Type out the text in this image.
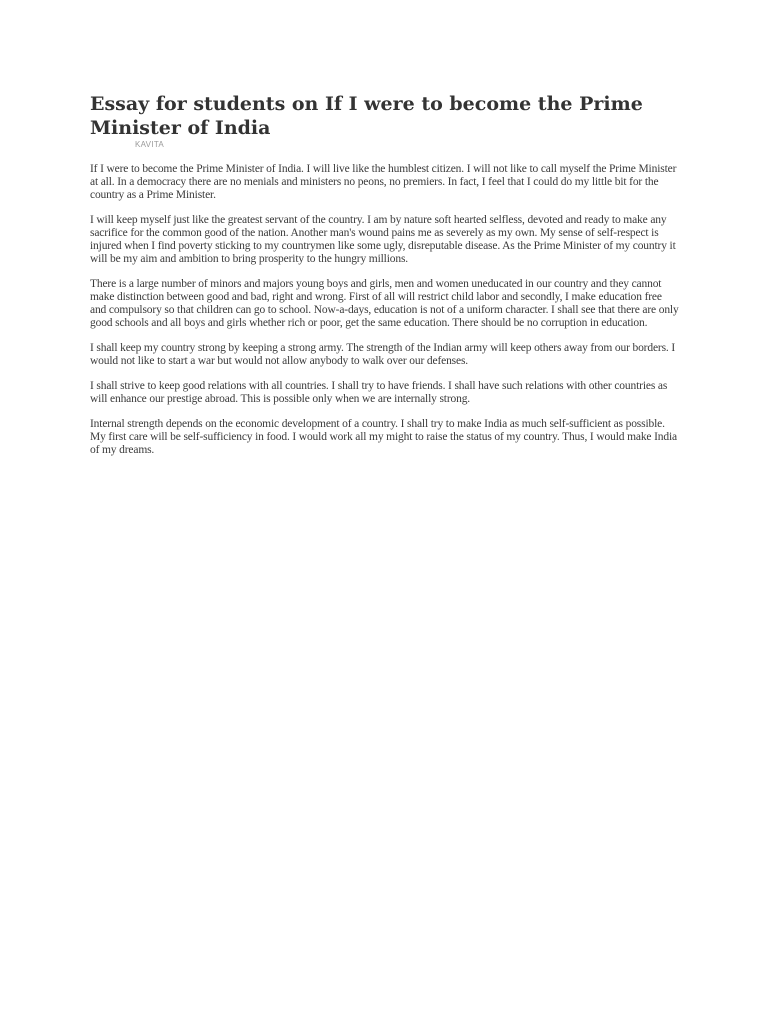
Essay for students on If I were to become the Prime Minister of India
KAVITA

If I were to become the Prime Minister of India. I will live like the humblest citizen. I will not like to call myself the Prime Minister at all. In a democracy there are no menials and ministers no peons, no premiers. In fact, I feel that I could do my little bit for the country as a Prime Minister.

I will keep myself just like the greatest servant of the country. I am by nature soft hearted selfless, devoted and ready to make any sacrifice for the common good of the nation. Another man's wound pains me as severely as my own. My sense of self-respect is injured when I find poverty sticking to my countrymen like some ugly, disreputable disease. As the Prime Minister of my country it will be my aim and ambition to bring prosperity to the hungry millions.

There is a large number of minors and majors young boys and girls, men and women uneducated in our country and they cannot make distinction between good and bad, right and wrong. First of all will restrict child labor and secondly, I make education free and compulsory so that children can go to school. Now-a-days, education is not of a uniform character. I shall see that there are only good schools and all boys and girls whether rich or poor, get the same education. There should be no corruption in education.

I shall keep my country strong by keeping a strong army. The strength of the Indian army will keep others away from our borders. I would not like to start a war but would not allow anybody to walk over our defenses.

I shall strive to keep good relations with all countries. I shall try to have friends. I shall have such relations with other countries as will enhance our prestige abroad. This is possible only when we are internally strong.

Internal strength depends on the economic development of a country. I shall try to make India as much self-sufficient as possible. My first care will be self-sufficiency in food. I would work all my might to raise the status of my country. Thus, I would make India of my dreams.
